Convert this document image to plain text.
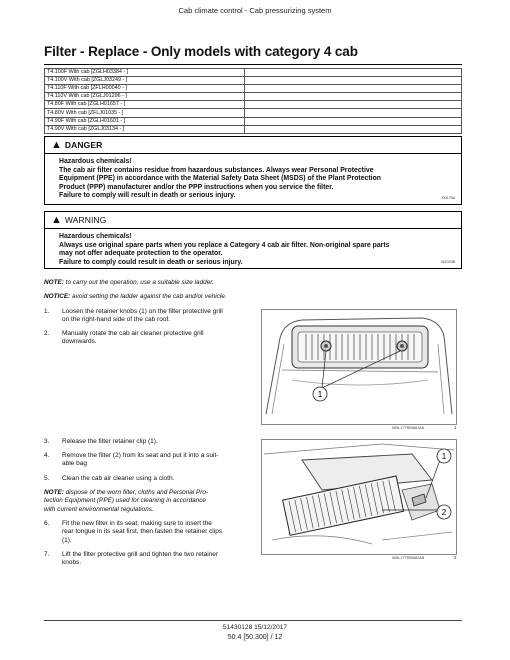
Cab climate control - Cab pressurizing system
Filter - Replace - Only models with category 4 cab
T4.100F With cab [ZGLH03384 - ]	
T4.100V With cab [ZGLJ03249 - ]	
T4.110F With cab [ZFLH00040 - ]	
T4.110V With cab [ZGLJ01296 - ]	
T4.80F With cab [ZGLH01657 - ]	
T4.80V With cab [ZFLJ01035 - ]	
T4.90F With cab [ZGLH01601 - ]	
T4.90V With cab [ZGLJ03134 - ]	
▲ DANGER
Hazardous chemicals!
The cab air filter contains residue from hazardous substances. Always wear Personal Protective
Equipment (PPE) in accordance with the Material Safety Data Sheet (MSDS) of the Plant Protection
Product (PPP) manufacturer and/or the PPP instructions when you service the filter.
Failure to comply will result in death or serious injury.	D0179A
▲ WARNING
Hazardous chemicals!
Always use original spare parts when you replace a Category 4 cab air filter. Non-original spare parts
may not offer adequate protection to the operator.
Failure to comply could result in death or serious injury.	W1024B
NOTE: to carry out the operation, use a suitable size ladder.
NOTICE: avoid setting the ladder against the cab and/or vehicle.
1. Loosen the retainer knobs (1) on the filter protective grill
on the right-hand side of the cab roof.
2. Manually rotate the cab air cleaner protective grill
downwards.
1
NOIL17TR00681AA	1
3. Release the filter retainer clip (1).
4. Remove the filter (2) from its seat and put it into a suit-
able bag
5. Clean the cab air cleaner using a cloth.
NOTE: dispose of the worn filter, cloths and Personal Pro-
tection Equipment (PPE) used for cleaning in accordance
with current environmental regulations.
6. Fit the new filter in its seat, making sure to insert the
rear tongue in its seat first, then fasten the retainer clips
(1).
7. Lift the filter protective grill and tighten the two retainer
knobs.
1
2
NOIL17TR00682AB	2
51430128 15/12/2017
50.4 [50.300] / 12
